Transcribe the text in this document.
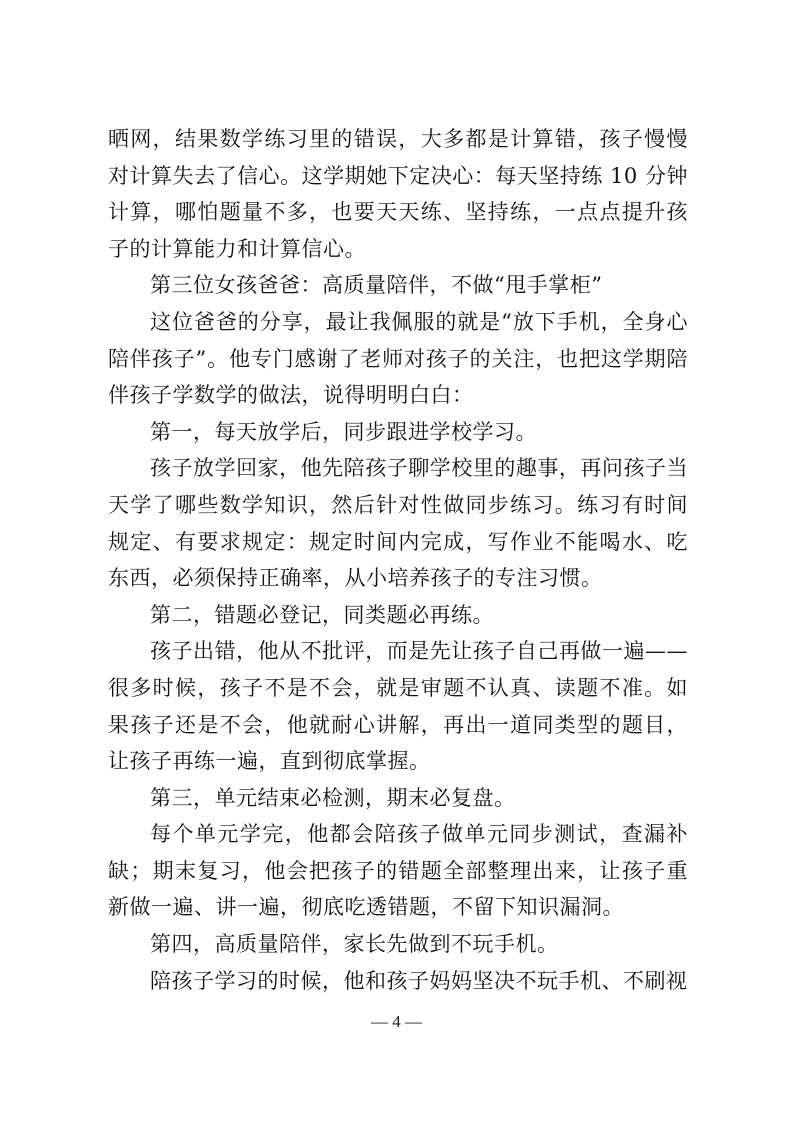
晒网，结果数学练习里的错误，大多都是计算错，孩子慢慢对计算失去了信心。这学期她下定决心：每天坚持练 10 分钟计算，哪怕题量不多，也要天天练、坚持练，一点点提升孩子的计算能力和计算信心。

第三位女孩爸爸：高质量陪伴，不做“甩手掌柜”

这位爸爸的分享，最让我佩服的就是“放下手机，全身心陪伴孩子”。他专门感谢了老师对孩子的关注，也把这学期陪伴孩子学数学的做法，说得明明白白：

第一，每天放学后，同步跟进学校学习。

孩子放学回家，他先陪孩子聊学校里的趣事，再问孩子当天学了哪些数学知识，然后针对性做同步练习。练习有时间规定、有要求规定：规定时间内完成，写作业不能喝水、吃东西，必须保持正确率，从小培养孩子的专注习惯。

第二，错题必登记，同类题必再练。

孩子出错，他从不批评，而是先让孩子自己再做一遍——很多时候，孩子不是不会，就是审题不认真、读题不准。如果孩子还是不会，他就耐心讲解，再出一道同类型的题目，让孩子再练一遍，直到彻底掌握。

第三，单元结束必检测，期末必复盘。

每个单元学完，他都会陪孩子做单元同步测试，查漏补缺；期末复习，他会把孩子的错题全部整理出来，让孩子重新做一遍、讲一遍，彻底吃透错题，不留下知识漏洞。

第四，高质量陪伴，家长先做到不玩手机。

陪孩子学习的时候，他和孩子妈妈坚决不玩手机、不刷视

— 4 —
